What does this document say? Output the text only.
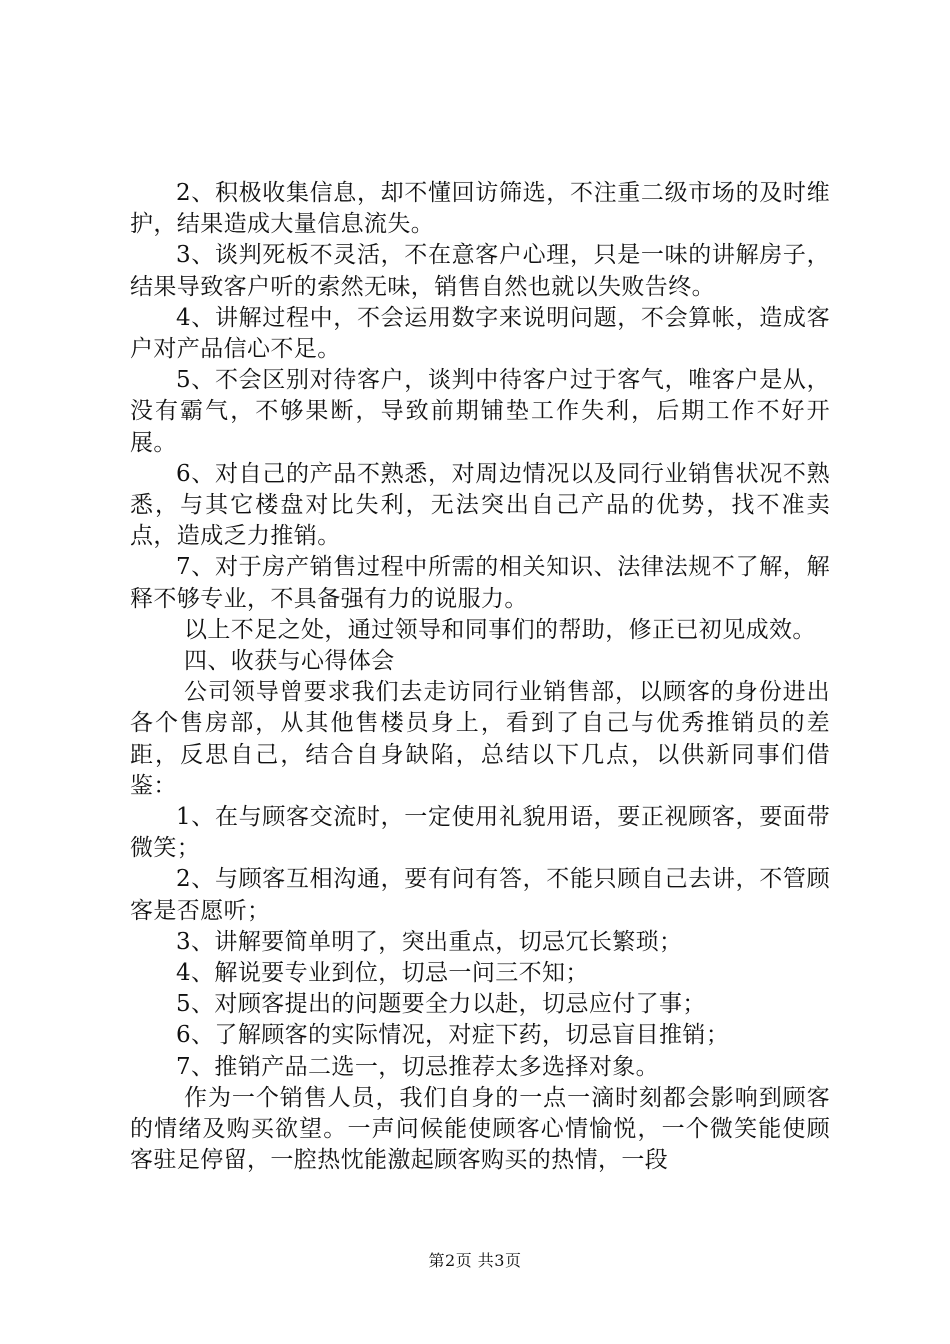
2、积极收集信息，却不懂回访筛选，不注重二级市场的及时维护，结果造成大量信息流失。

3、谈判死板不灵活，不在意客户心理，只是一味的讲解房子，结果导致客户听的索然无味，销售自然也就以失败告终。

4、讲解过程中，不会运用数字来说明问题，不会算帐，造成客户对产品信心不足。

5、不会区别对待客户，谈判中待客户过于客气，唯客户是从，没有霸气，不够果断，导致前期铺垫工作失利，后期工作不好开展。

6、对自己的产品不熟悉，对周边情况以及同行业销售状况不熟悉，与其它楼盘对比失利，无法突出自己产品的优势，找不准卖点，造成乏力推销。

7、对于房产销售过程中所需的相关知识、法律法规不了解，解释不够专业，不具备强有力的说服力。

以上不足之处，通过领导和同事们的帮助，修正已初见成效。

四、收获与心得体会

公司领导曾要求我们去走访同行业销售部，以顾客的身份进出各个售房部，从其他售楼员身上，看到了自己与优秀推销员的差距，反思自己，结合自身缺陷，总结以下几点，以供新同事们借鉴：

1、在与顾客交流时，一定使用礼貌用语，要正视顾客，要面带微笑；

2、与顾客互相沟通，要有问有答，不能只顾自己去讲，不管顾客是否愿听；

3、讲解要简单明了，突出重点，切忌冗长繁琐；

4、解说要专业到位，切忌一问三不知；

5、对顾客提出的问题要全力以赴，切忌应付了事；

6、了解顾客的实际情况，对症下药，切忌盲目推销；

7、推销产品二选一，切忌推荐太多选择对象。

作为一个销售人员，我们自身的一点一滴时刻都会影响到顾客的情绪及购买欲望。一声问候能使顾客心情愉悦，一个微笑能使顾客驻足停留，一腔热忱能激起顾客购买的热情，一段

第2页 共3页
